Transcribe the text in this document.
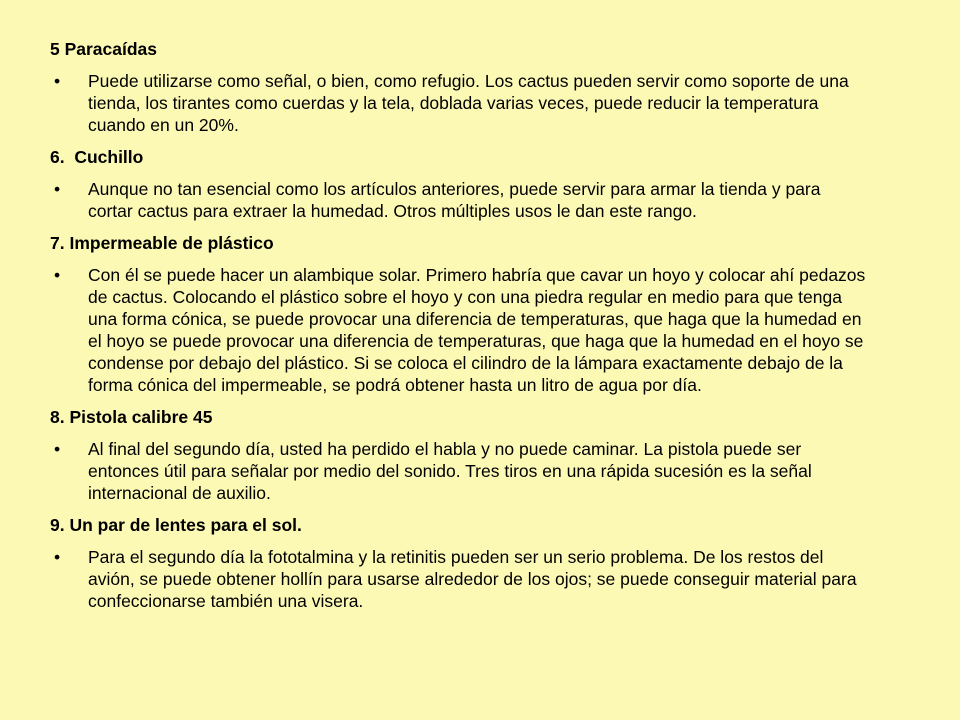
5 Paracaídas
•	Puede utilizarse como señal, o bien, como refugio. Los cactus pueden servir como soporte de una tienda, los tirantes como cuerdas y la tela, doblada varias veces, puede reducir la temperatura cuando en un 20%.
6.  Cuchillo
•	Aunque no tan esencial como los artículos anteriores, puede servir para armar la tienda y para cortar cactus para extraer la humedad. Otros múltiples usos le dan este rango.
7. Impermeable de plástico
•	Con él se puede hacer un alambique solar. Primero habría que cavar un hoyo y colocar ahí pedazos de cactus. Colocando el plástico sobre el hoyo y con una piedra regular en medio para que tenga una forma cónica, se puede provocar una diferencia de temperaturas, que haga que la humedad en el hoyo se puede provocar una diferencia de temperaturas, que haga que la humedad en el hoyo se condense por debajo del plástico. Si se coloca el cilindro de la lámpara exactamente debajo de la forma cónica del impermeable, se podrá obtener hasta un litro de agua por día.
8. Pistola calibre 45
•	Al final del segundo día, usted ha perdido el habla y no puede caminar. La pistola puede ser entonces útil para señalar por medio del sonido. Tres tiros en una rápida sucesión es la señal internacional de auxilio.
9. Un par de lentes para el sol.
•	Para el segundo día la fototalmina y la retinitis pueden ser un serio problema. De los restos del avión, se puede obtener hollín para usarse alrededor de los ojos; se puede conseguir material para confeccionarse también una visera.
